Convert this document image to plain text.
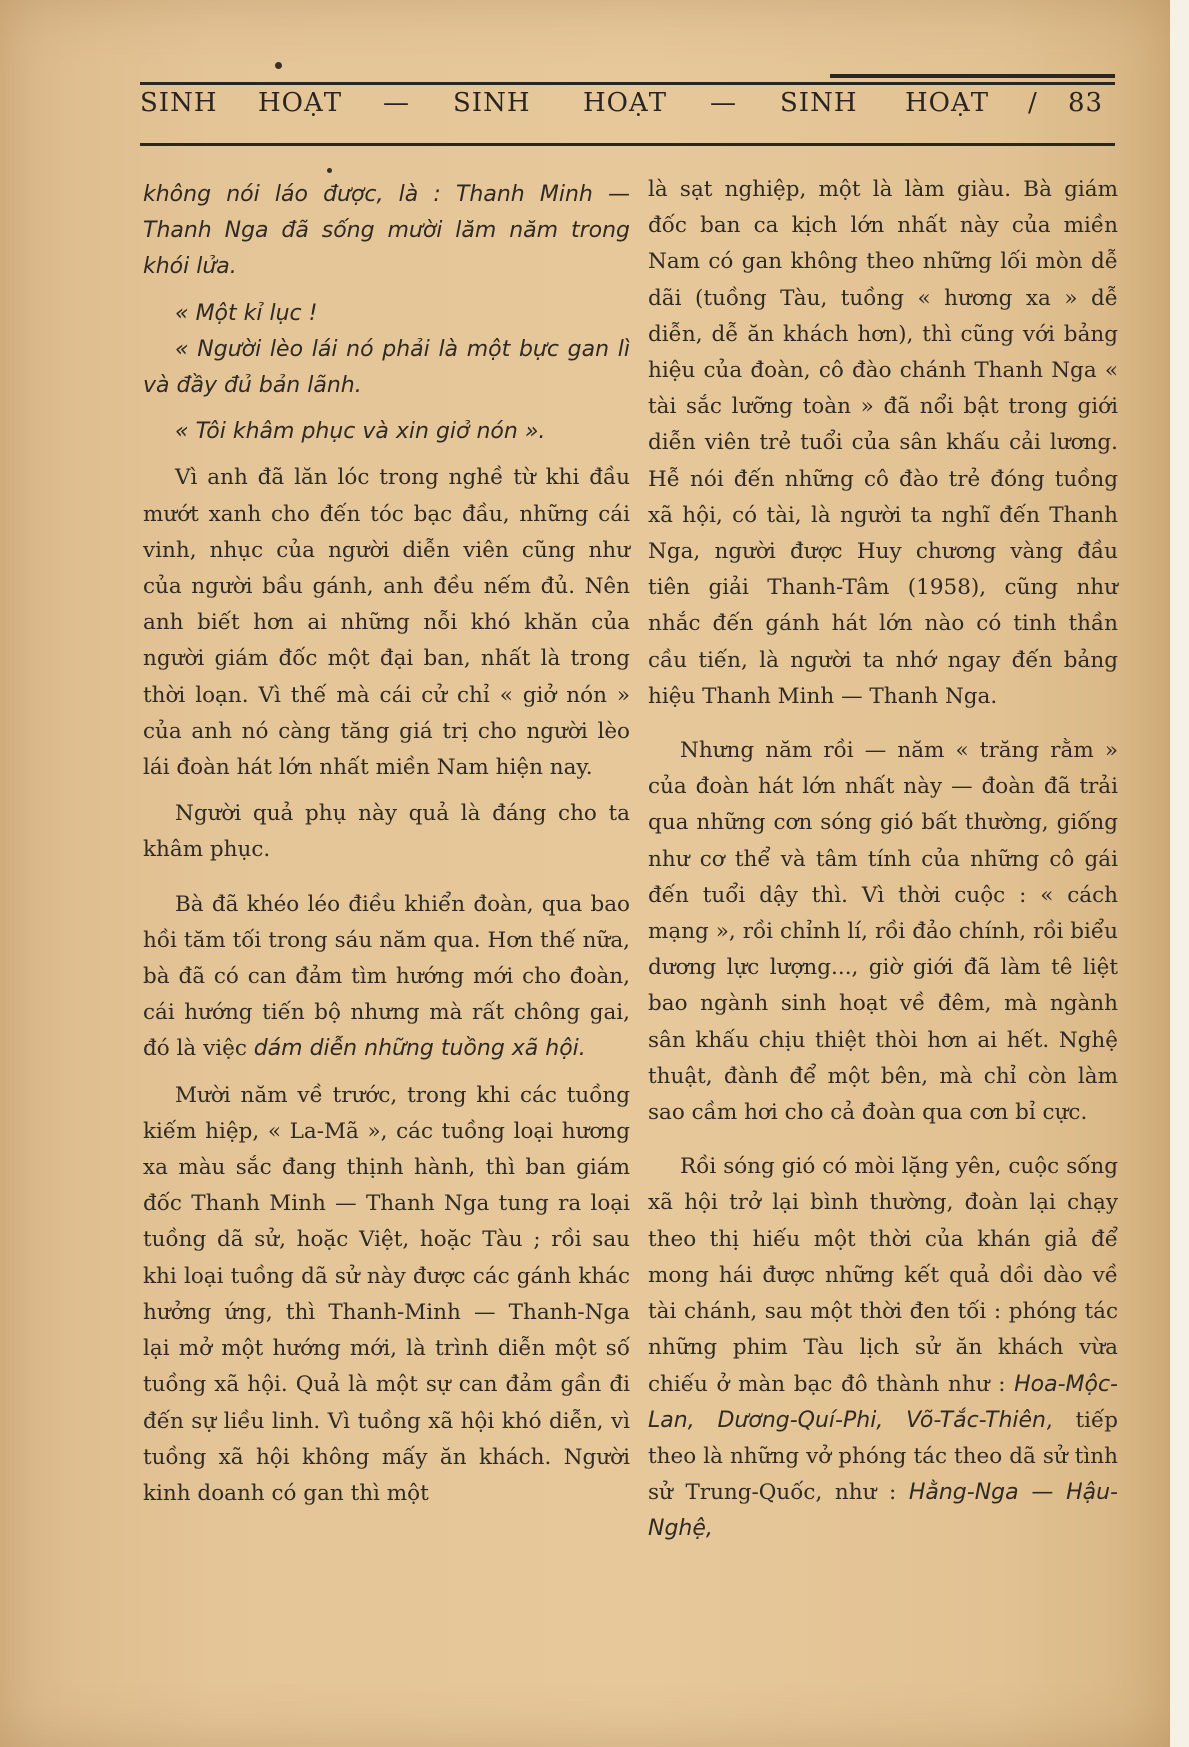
SINH HOẠT — SINH HOẠT — SINH HOẠT / 83

không nói láo được, là : Thanh Minh — Thanh Nga đã sống mười lăm năm trong khói lửa.

« Một kỉ lục !

« Người lèo lái nó phải là một bực gan lì và đầy đủ bản lãnh.

« Tôi khâm phục và xin giở nón ».

Vì anh đã lăn lóc trong nghề từ khi đầu mướt xanh cho đến tóc bạc đầu, những cái vinh, nhục của người diễn viên cũng như của người bầu gánh, anh đều nếm đủ. Nên anh biết hơn ai những nỗi khó khăn của người giám đốc một đại ban, nhất là trong thời loạn. Vì thế mà cái cử chỉ « giở nón » của anh nó càng tăng giá trị cho người lèo lái đoàn hát lớn nhất miền Nam hiện nay.

Người quả phụ này quả là đáng cho ta khâm phục.

Bà đã khéo léo điều khiển đoàn, qua bao hồi tăm tối trong sáu năm qua. Hơn thế nữa, bà đã có can đảm tìm hướng mới cho đoàn, cái hướng tiến bộ nhưng mà rất chông gai, đó là việc dám diễn những tuồng xã hội.

Mười năm về trước, trong khi các tuồng kiếm hiệp, « La-Mã », các tuồng loại hương xa màu sắc đang thịnh hành, thì ban giám đốc Thanh Minh — Thanh Nga tung ra loại tuồng dã sử, hoặc Việt, hoặc Tàu ; rồi sau khi loại tuồng dã sử này được các gánh khác hưởng ứng, thì Thanh-Minh — Thanh-Nga lại mở một hướng mới, là trình diễn một số tuồng xã hội. Quả là một sự can đảm gần đi đến sự liều linh. Vì tuồng xã hội khó diễn, vì tuồng xã hội không mấy ăn khách. Người kinh doanh có gan thì một

là sạt nghiệp, một là làm giàu. Bà giám đốc ban ca kịch lớn nhất này của miền Nam có gan không theo những lối mòn dễ dãi (tuồng Tàu, tuồng « hương xa » dễ diễn, dễ ăn khách hơn), thì cũng với bảng hiệu của đoàn, cô đào chánh Thanh Nga « tài sắc lưỡng toàn » đã nổi bật trong giới diễn viên trẻ tuổi của sân khấu cải lương. Hễ nói đến những cô đào trẻ đóng tuồng xã hội, có tài, là người ta nghĩ đến Thanh Nga, người được Huy chương vàng đầu tiên giải Thanh-Tâm (1958), cũng như nhắc đến gánh hát lớn nào có tinh thần cầu tiến, là người ta nhớ ngay đến bảng hiệu Thanh Minh — Thanh Nga.

Nhưng năm rồi — năm « trăng rằm » của đoàn hát lớn nhất này — đoàn đã trải qua những cơn sóng gió bất thường, giống như cơ thể và tâm tính của những cô gái đến tuổi dậy thì. Vì thời cuộc : « cách mạng », rồi chỉnh lí, rồi đảo chính, rồi biểu dương lực lượng..., giờ giới đã làm tê liệt bao ngành sinh hoạt về đêm, mà ngành sân khấu chịu thiệt thòi hơn ai hết. Nghệ thuật, đành để một bên, mà chỉ còn làm sao cầm hơi cho cả đoàn qua cơn bỉ cực.

Rồi sóng gió có mòi lặng yên, cuộc sống xã hội trở lại bình thường, đoàn lại chạy theo thị hiếu một thời của khán giả để mong hái được những kết quả dồi dào về tài chánh, sau một thời đen tối : phóng tác những phim Tàu lịch sử ăn khách vừa chiếu ở màn bạc đô thành như : Hoa-Mộc-Lan, Dương-Quí-Phi, Võ-Tắc-Thiên, tiếp theo là những vở phóng tác theo dã sử tình sử Trung-Quốc, như : Hằng-Nga — Hậu-Nghệ,
